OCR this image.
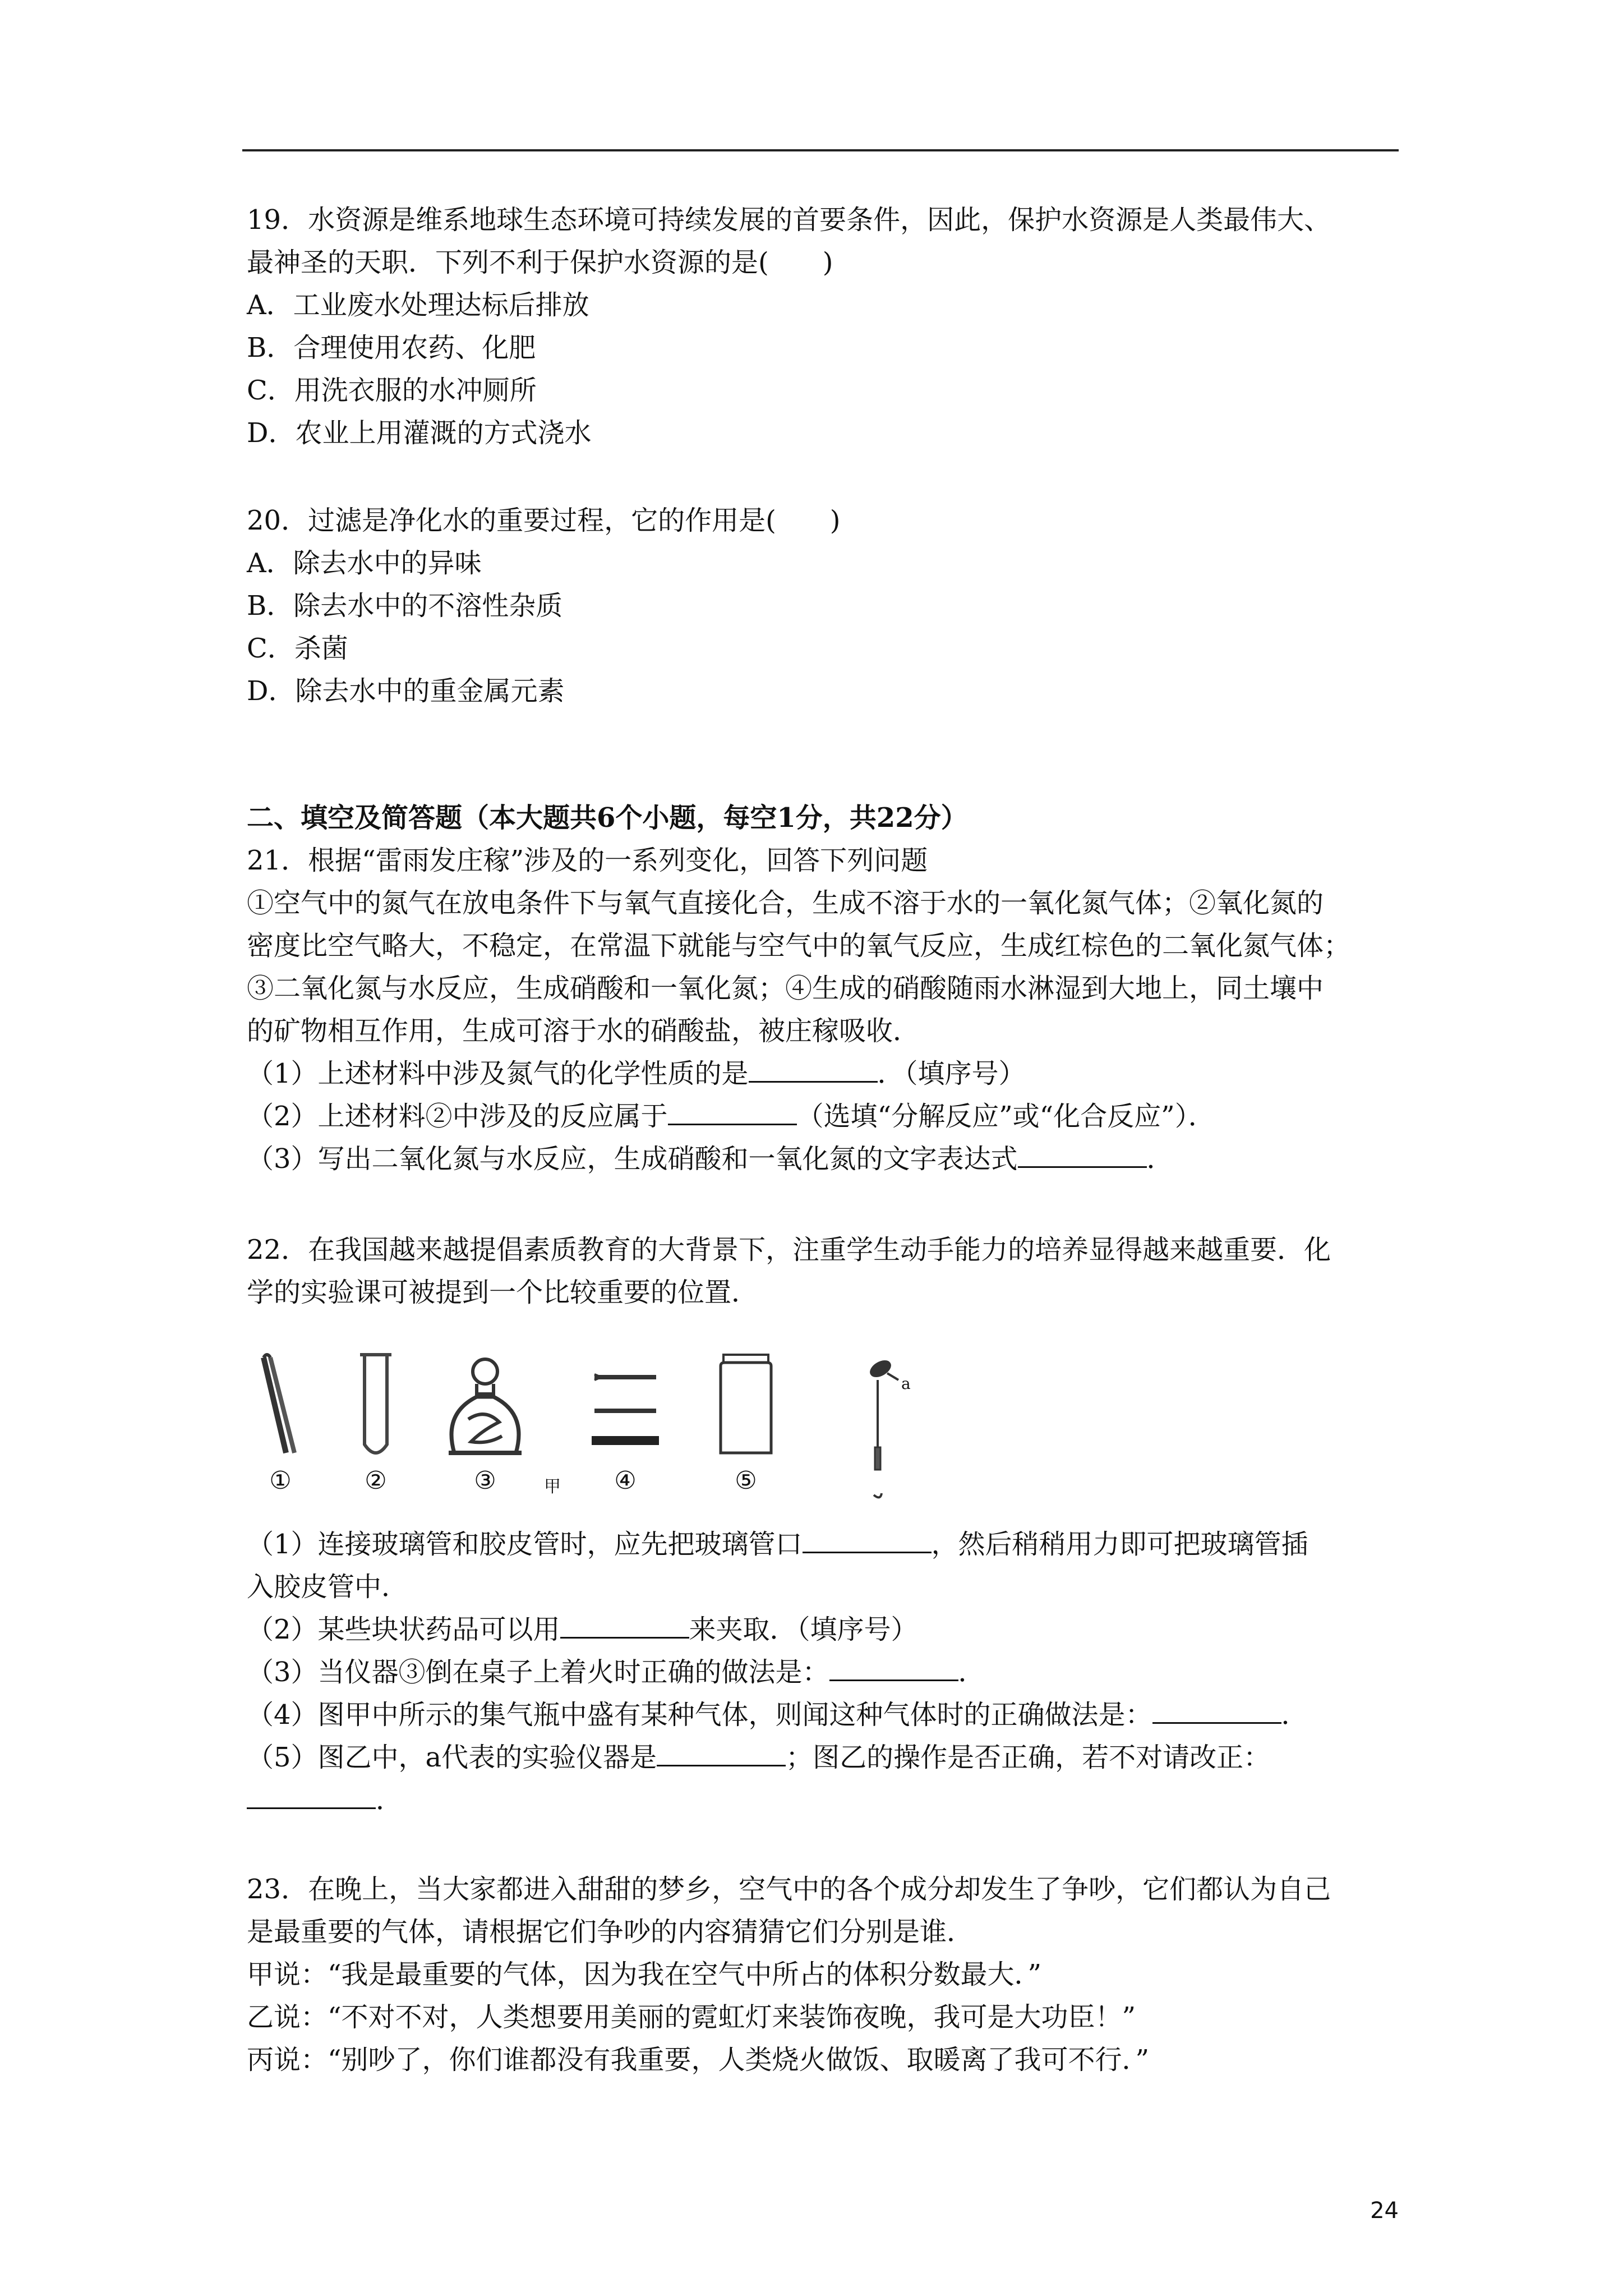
19．水资源是维系地球生态环境可持续发展的首要条件，因此，保护水资源是人类最伟大、
最神圣的天职．下列不利于保护水资源的是(　　)
A．工业废水处理达标后排放
B．合理使用农药、化肥
C．用洗衣服的水冲厕所
D．农业上用灌溉的方式浇水
20．过滤是净化水的重要过程，它的作用是(　　)
A．除去水中的异味
B．除去水中的不溶性杂质
C．杀菌
D．除去水中的重金属元素
二、填空及简答题（本大题共6个小题，每空1分，共22分）
21．根据“雷雨发庄稼”涉及的一系列变化，回答下列问题
①空气中的氮气在放电条件下与氧气直接化合，生成不溶于水的一氧化氮气体；②氧化氮的
密度比空气略大，不稳定，在常温下就能与空气中的氧气反应，生成红棕色的二氧化氮气体；
③二氧化氮与水反应，生成硝酸和一氧化氮；④生成的硝酸随雨水淋湿到大地上，同土壤中
的矿物相互作用，生成可溶于水的硝酸盐，被庄稼吸收．
（1）上述材料中涉及氮气的化学性质的是	．（填序号）
（2）上述材料②中涉及的反应属于	（选填“分解反应”或“化合反应”）．
（3）写出二氧化氮与水反应，生成硝酸和一氧化氮的文字表达式	．
22．在我国越来越提倡素质教育的大背景下，注重学生动手能力的培养显得越来越重要．化
学的实验课可被提到一个比较重要的位置．
①	②	③	甲	④	⑤
a
（1）连接玻璃管和胶皮管时，应先把玻璃管口	，然后稍稍用力即可把玻璃管插
入胶皮管中．
（2）某些块状药品可以用	来夹取．（填序号）
（3）当仪器③倒在桌子上着火时正确的做法是：	．
（4）图甲中所示的集气瓶中盛有某种气体，则闻这种气体时的正确做法是：	．
（5）图乙中，a代表的实验仪器是	；图乙的操作是否正确，若不对请改正：
．
23．在晚上，当大家都进入甜甜的梦乡，空气中的各个成分却发生了争吵，它们都认为自己
是最重要的气体，请根据它们争吵的内容猜猜它们分别是谁．
甲说：“我是最重要的气体，因为我在空气中所占的体积分数最大．”
乙说：“不对不对，人类想要用美丽的霓虹灯来装饰夜晚，我可是大功臣！”
丙说：“别吵了，你们谁都没有我重要，人类烧火做饭、取暖离了我可不行．”
24
